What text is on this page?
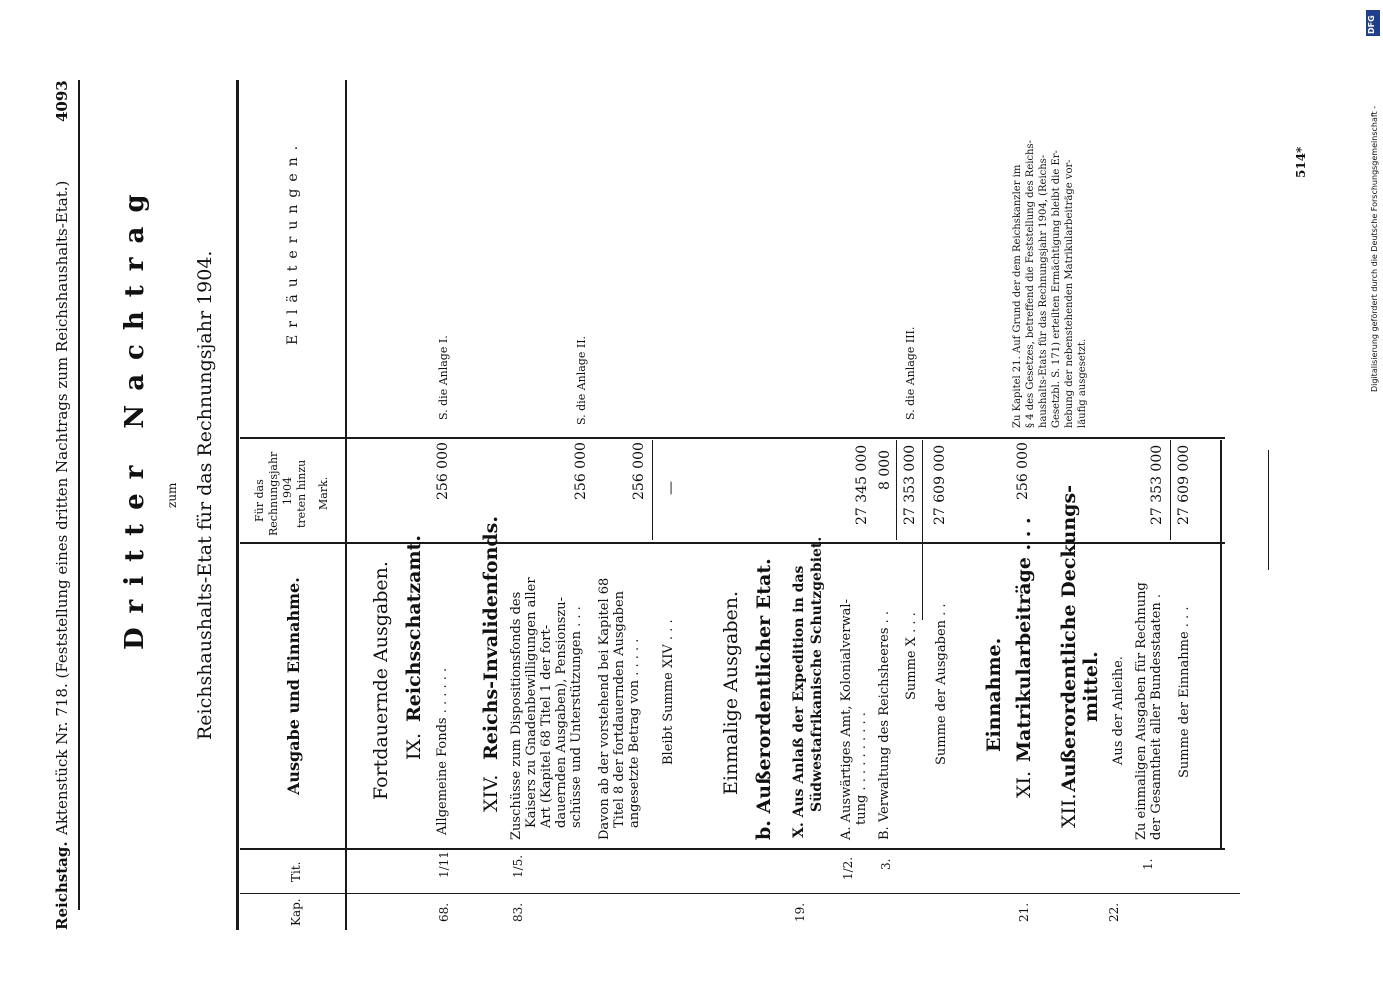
Reichstag.
Aktenstück Nr. 718. (Feststellung eines dritten Nachtrags zum Reichshaushalts-Etat.)
4093
Dritter Nachtrag zum Reichshaushalts-Etat für das Rechnungsjahr 1904.
Kap.
Tit.
Ausgabe und Einnahme.
Für das Rechnungsjahr 1904 treten hinzu Mark.
Erläuterungen.
Fortdauernde Ausgaben. IX.
Reichsschatzamt.
68.
1/11.
Allgemeine Fonds . . . . . .
256 000
S. die Anlage I.
XIV.
Reichs-Invalidenfonds.
83.
1/5.
Zuschüsse zum Dispositionsfonds des Kaisers zu Gnadenbewilligungen aller Art (Kapitel 68 Titel 1 der fort- dauernden Ausgaben), Pensionszu- schüsse und Unterstützungen . . .
256 000
S. die Anlage II.
Davon ab der vorstehend bei Kapitel 68 Titel 8 der fortdauernden Ausgaben angesetzte Betrag von . . . . .
256 000
Bleibt Summe XIV . . .
—
Einmalige Ausgaben. b. Außerordentlicher Etat.
19.
X. Aus Anlaß der Expedition in das Südwestafrikanische Schutzgebiet.
1/2.
A. Auswärtiges Amt, Kolonialverwal- tung . . . . . . . . . .
27 345 000
3.
B. Verwaltung des Reichsheeres . .
8 000
Summe X . . .
27 353 000
S. die Anlage III.
Summe der Ausgaben . .
27 609 000
Einnahme.
21.
XI.
Matrikularbeiträge . . .
256 000
Zu Kapitel 21. Auf Grund der dem Reichskanzler im § 4 des Gesetzes, betreffend die Feststellung des Reichs- haushalts-Etats für das Rechnungsjahr 1904, (Reichs- Gesetzbl. S. 171) erteilten Ermächtigung bleibt die Er- hebung der nebenstehenden Matrikularbeiträge vor- läufig ausgesetzt.
XII.
Außerordentliche Deckungs- mittel.
22.
Aus der Anleihe.
1.
Zu einmaligen Ausgaben für Rechnung der Gesamtheit aller Bundesstaaten .
27 353 000
Summe der Einnahme . . .
27 609 000
514*	Digitalisierung gefördert durch die Deutsche Forschungsgemeinschaft -
DFG
